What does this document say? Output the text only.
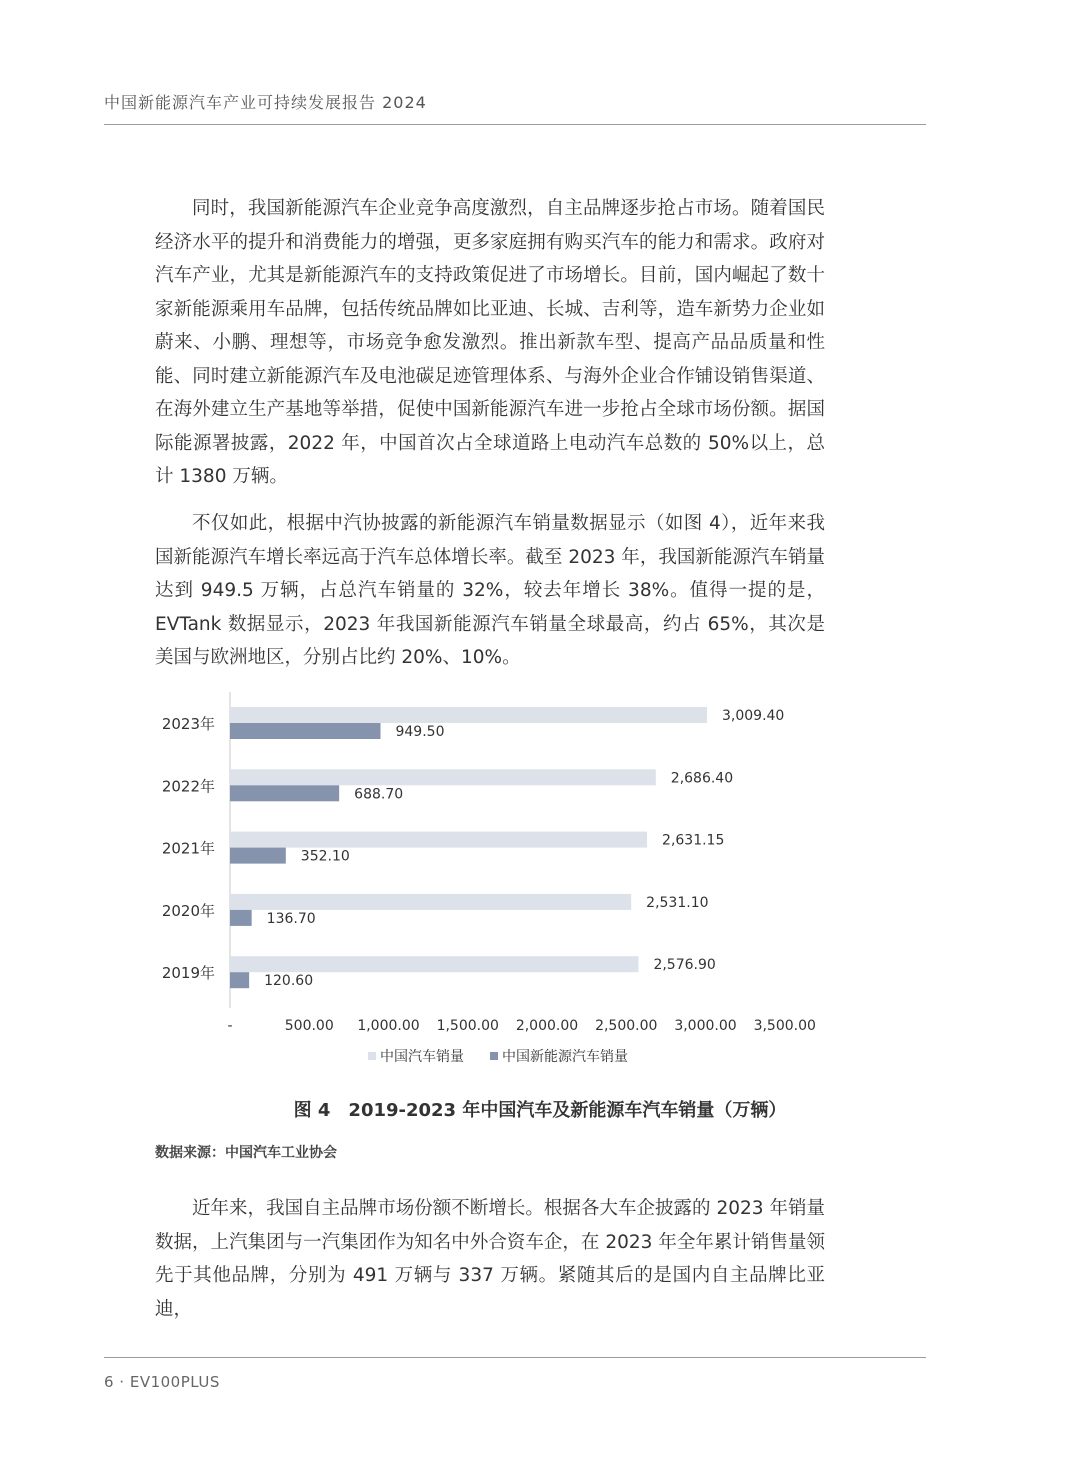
中国新能源汽车产业可持续发展报告 2024

同时，我国新能源汽车企业竞争高度激烈，自主品牌逐步抢占市场。随着国民经济水平的提升和消费能力的增强，更多家庭拥有购买汽车的能力和需求。政府对汽车产业，尤其是新能源汽车的支持政策促进了市场增长。目前，国内崛起了数十家新能源乘用车品牌，包括传统品牌如比亚迪、长城、吉利等，造车新势力企业如蔚来、小鹏、理想等，市场竞争愈发激烈。推出新款车型、提高产品品质量和性能、同时建立新能源汽车及电池碳足迹管理体系、与海外企业合作铺设销售渠道、在海外建立生产基地等举措，促使中国新能源汽车进一步抢占全球市场份额。据国际能源署披露，2022 年，中国首次占全球道路上电动汽车总数的 50%以上，总计 1380 万辆。

不仅如此，根据中汽协披露的新能源汽车销量数据显示（如图 4），近年来我国新能源汽车增长率远高于汽车总体增长率。截至 2023 年，我国新能源汽车销量达到 949.5 万辆，占总汽车销量的 32%，较去年增长 38%。值得一提的是，EVTank 数据显示，2023 年我国新能源汽车销量全球最高，约占 65%，其次是美国与欧洲地区，分别占比约 20%、10%。

2023年	3,009.40
949.50
2022年	2,686.40
688.70
2021年	2,631.15
352.10
2020年	2,531.10
136.70
2019年	2,576.90
120.60
-	500.00 1,000.00 1,500.00 2,000.00 2,500.00 3,000.00 3,500.00
中国汽车销量	中国新能源汽车销量
图 4　2019-2023 年中国汽车及新能源车汽车销量（万辆）
数据来源：中国汽车工业协会

近年来，我国自主品牌市场份额不断增长。根据各大车企披露的 2023 年销量数据，上汽集团与一汽集团作为知名中外合资车企，在 2023 年全年累计销售量领先于其他品牌，分别为 491 万辆与 337 万辆。紧随其后的是国内自主品牌比亚迪，

6 · EV100PLUS
